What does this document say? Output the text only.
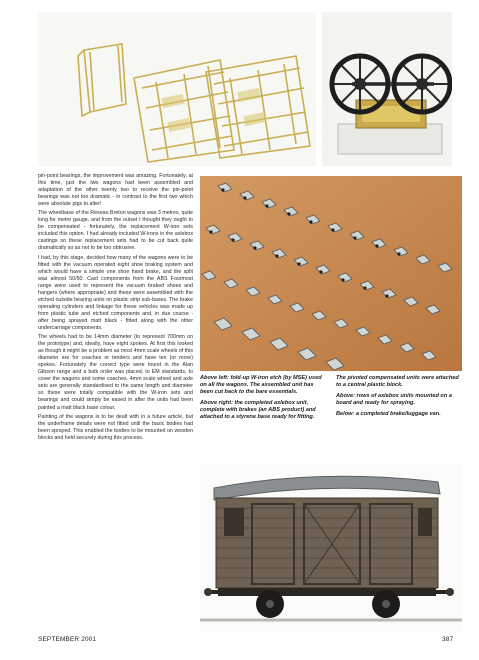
pin-point bearings, the improvement was amazing. Fortunately, at this time, just the two wagons had been assembled and adaptation of the other twenty two to receive the pin-point bearings was not too dramatic - in contrast to the first two which were absolute pigs to alter!

The wheelbase of the Réseau Breton wagons was 3 metres, quite long for metre gauge, and from the outset I thought they ought to be compensated - fortunately, the replacement W-iron sets included this option. I had already included W-irons in the axlebox castings so these replacement sets had to be cut back quite dramatically so as not to be too obtrusive.

I had, by this stage, decided how many of the wagons were to be fitted with the vacuum operated eight shoe braking system and which would have a simple one shoe hand brake, and the split was almost 50/50. Cast components from the ABS Fourmost range were used to represent the vacuum braked shoes and hangers (where appropriate) and these were assembled with the etched outside bearing units on plastic strip sub-bases. The brake operating cylinders and linkage for these vehicles was made up from plastic tube and etched components and, in due course - after being sprayed matt black - fitted along with the other undercarriage components.

The wheels had to be 14mm diameter (to represent 700mm on the prototype) and, ideally, have eight spokes. At first this looked as though it might be a problem as most 4mm scale wheels of this diameter are for coaches or tenders and have ten (or more) spokes. Fortunately the correct type were found in the Alan Gibson range and a bulk order was placed, to EM standards, to cover the wagons and some coaches. 4mm scale wheel and axle sets are generally standardised to the same length and diameter so these were totally compatible with the W-iron sets and bearings and could simply be eased in after the units had been painted a matt black base colour.

Painting of the wagons is to be dealt with in a future article, but the underframe details were not fitted until the basic bodies had been sprayed. This enabled the bodies to be mounted on wooden blocks and held securely during this process.

Above left: fold-up W-iron etch (by MSE) used on all the wagons. The assembled unit has been cut back to the bare essentials.

Above right: the completed axlebox unit, complete with brakes (an ABS product) and attached to a styrene base ready for fitting.

The pivoted compensated units were attached to a central plastic block.

Above: rows of axlebox units mounted on a board and ready for spraying.

Below: a completed brake/luggage van.

SEPTEMBER 2001	387
